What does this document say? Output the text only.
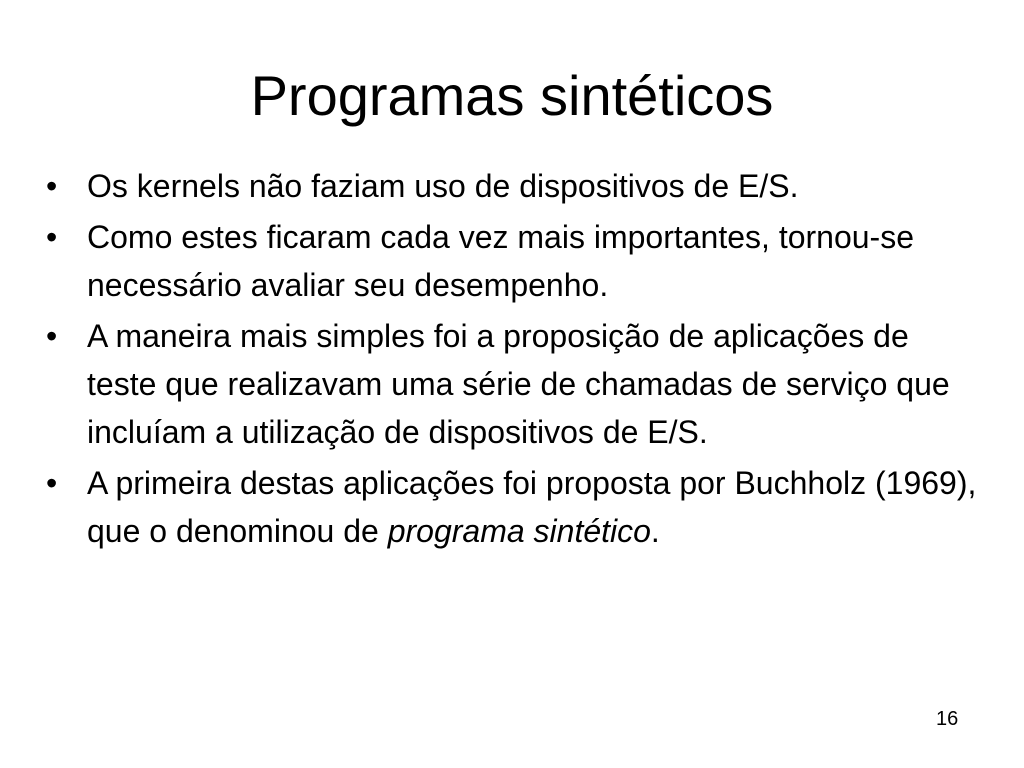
Programas sintéticos
• Os kernels não faziam uso de dispositivos de E/S.
• Como estes ficaram cada vez mais importantes, tornou-se necessário avaliar seu desempenho.
• A maneira mais simples foi a proposição de aplicações de teste que realizavam uma série de chamadas de serviço que incluíam a utilização de dispositivos de E/S.
• A primeira destas aplicações foi proposta por Buchholz (1969), que o denominou de programa sintético.
16
